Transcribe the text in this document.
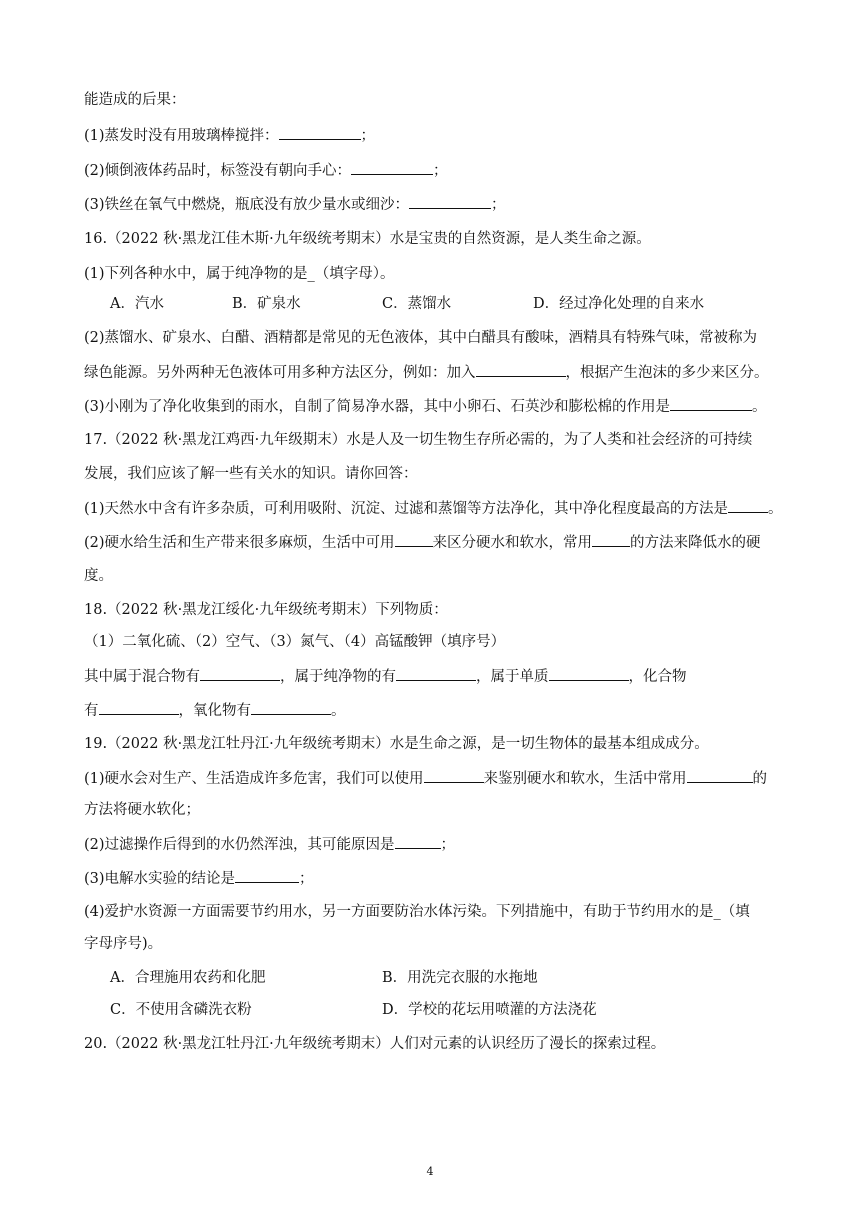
能造成的后果：
(1)蒸发时没有用玻璃棒搅拌：	；
(2)倾倒液体药品时，标签没有朝向手心：	；
(3)铁丝在氧气中燃烧，瓶底没有放少量水或细沙：	；
16.（2022 秋·黑龙江佳木斯·九年级统考期末）水是宝贵的自然资源，是人类生命之源。
(1)下列各种水中，属于纯净物的是_（填字母）。
A．汽水	B．矿泉水	C．蒸馏水	D．经过净化处理的自来水
(2)蒸馏水、矿泉水、白醋、酒精都是常见的无色液体，其中白醋具有酸味，酒精具有特殊气味，常被称为
绿色能源。另外两种无色液体可用多种方法区分，例如：加入	，根据产生泡沫的多少来区分。
(3)小刚为了净化收集到的雨水，自制了简易净水器，其中小卵石、石英沙和膨松棉的作用是	。
17.（2022 秋·黑龙江鸡西·九年级期末）水是人及一切生物生存所必需的，为了人类和社会经济的可持续
发展，我们应该了解一些有关水的知识。请你回答：
(1)天然水中含有许多杂质，可利用吸附、沉淀、过滤和蒸馏等方法净化，其中净化程度最高的方法是	。
(2)硬水给生活和生产带来很多麻烦，生活中可用	来区分硬水和软水，常用	的方法来降低水的硬
度。
18.（2022 秋·黑龙江绥化·九年级统考期末）下列物质：
（1）二氧化硫、（2）空气、（3）氮气、（4）高锰酸钾（填序号）
其中属于混合物有	，属于纯净物的有	，属于单质	，化合物
有	，氧化物有	。
19.（2022 秋·黑龙江牡丹江·九年级统考期末）水是生命之源，是一切生物体的最基本组成成分。
(1)硬水会对生产、生活造成许多危害，我们可以使用	来鉴别硬水和软水，生活中常用	的
方法将硬水软化；
(2)过滤操作后得到的水仍然浑浊，其可能原因是	；
(3)电解水实验的结论是	；
(4)爱护水资源一方面需要节约用水，另一方面要防治水体污染。下列措施中，有助于节约用水的是_（填
字母序号)。
A．合理施用农药和化肥	B．用洗完衣服的水拖地
C．不使用含磷洗衣粉	D．学校的花坛用喷灌的方法浇花
20.（2022 秋·黑龙江牡丹江·九年级统考期末）人们对元素的认识经历了漫长的探索过程。
4
